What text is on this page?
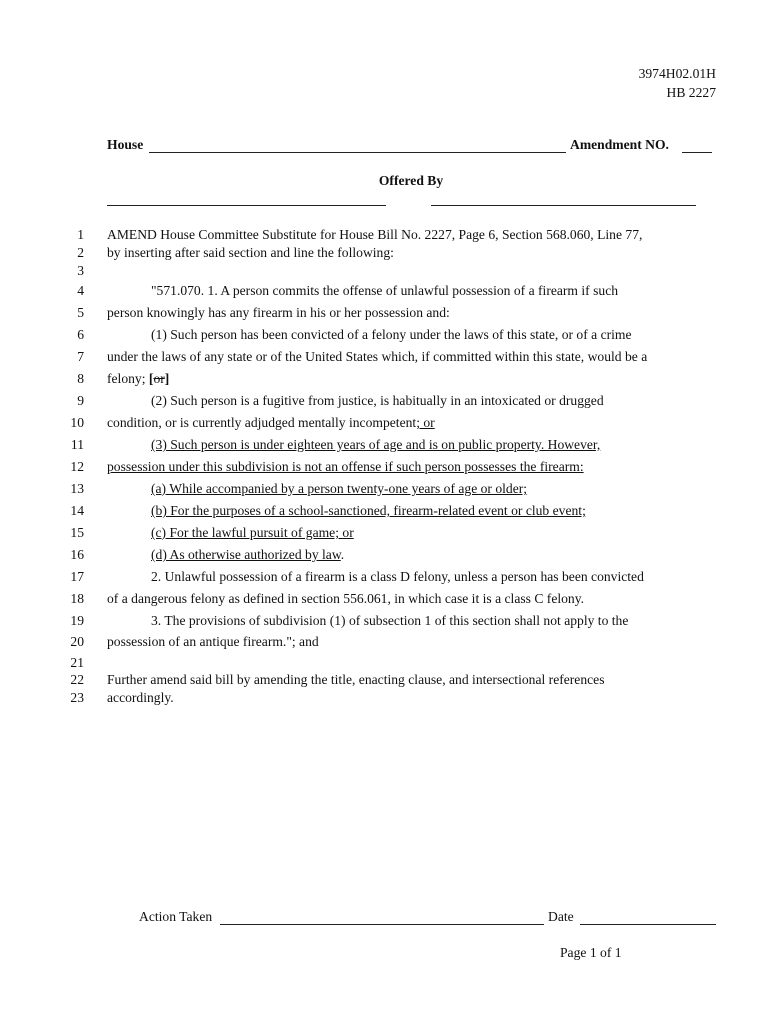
3974H02.01H
HB 2227
House	Amendment NO.
Offered By
1 AMEND House Committee Substitute for House Bill No. 2227, Page 6, Section 568.060, Line 77,
2 by inserting after said section and line the following:
3
4	"571.070. 1. A person commits the offense of unlawful possession of a firearm if such
5 person knowingly has any firearm in his or her possession and:
6	(1) Such person has been convicted of a felony under the laws of this state, or of a crime
7 under the laws of any state or of the United States which, if committed within this state, would be a
8 felony; [or]
9	(2) Such person is a fugitive from justice, is habitually in an intoxicated or drugged
10 condition, or is currently adjudged mentally incompetent; or
11	(3) Such person is under eighteen years of age and is on public property. However,
12 possession under this subdivision is not an offense if such person possesses the firearm:
13	(a) While accompanied by a person twenty-one years of age or older;
14	(b) For the purposes of a school-sanctioned, firearm-related event or club event;
15	(c) For the lawful pursuit of game; or
16	(d) As otherwise authorized by law.
17	2. Unlawful possession of a firearm is a class D felony, unless a person has been convicted
18 of a dangerous felony as defined in section 556.061, in which case it is a class C felony.
19	3. The provisions of subdivision (1) of subsection 1 of this section shall not apply to the
20 possession of an antique firearm."; and
21
22 Further amend said bill by amending the title, enacting clause, and intersectional references
23 accordingly.
Action Taken	Date
Page 1 of 1
